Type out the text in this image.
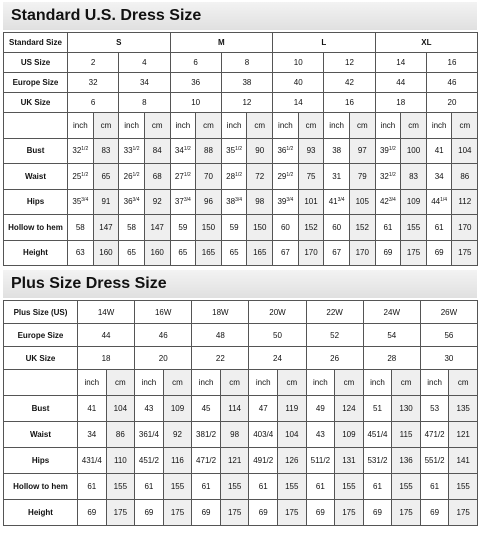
Standard U.S. Dress Size
Standard Size	S				M				L				XL			
US Size	2		4		6		8		10		12		14		16	
Europe Size	32		34		36		38		40		42		44		46	
UK Size	6		8		10		12		14		16		18		20	
	inch	cm	inch	cm	inch	cm	inch	cm	inch	cm	inch	cm	inch	cm	inch	cm
Bust	$32^{1/2}$	83	$33^{1/2}$	84	$34^{1/2}$	88	$35^{1/2}$	90	$36^{1/2}$	93	38	97	$39^{1/2}$	100	41	104
Waist	$25^{1/2}$	65	$26^{1/2}$	68	$27^{1/2}$	70	$28^{1/2}$	72	$29^{1/2}$	75	31	79	$32^{1/2}$	83	34	86
Hips	$35^{3/4}$	91	$36^{3/4}$	92	$37^{3/4}$	96	$38^{3/4}$	98	$39^{3/4}$	101	$41^{3/4}$	105	$42^{3/4}$	109	$44^{1/4}$	112
Hollow to hem	58	147	58	147	59	150	59	150	60	152	60	152	61	155	61	170
Height	63	160	65	160	65	165	65	165	67	170	67	170	69	175	69	175
Plus Size Dress Size
Plus Size (US)	14W		16W		18W		20W		22W		24W		26W	
Europe Size	44		46		48		50		52		54		56	
UK Size	18		20		22		24		26		28		30	
	inch	cm	inch	cm	inch	cm	inch	cm	inch	cm	inch	cm	inch	cm
Bust	41	104	43	109	45	114	47	119	49	124	51	130	53	135
Waist	34	86	361/4	92	381/2	98	403/4	104	43	109	451/4	115	471/2	121
Hips	431/4	110	451/2	116	471/2	121	491/2	126	511/2	131	531/2	136	551/2	141
Hollow to hem	61	155	61	155	61	155	61	155	61	155	61	155	61	155
Height	69	175	69	175	69	175	69	175	69	175	69	175	69	175
